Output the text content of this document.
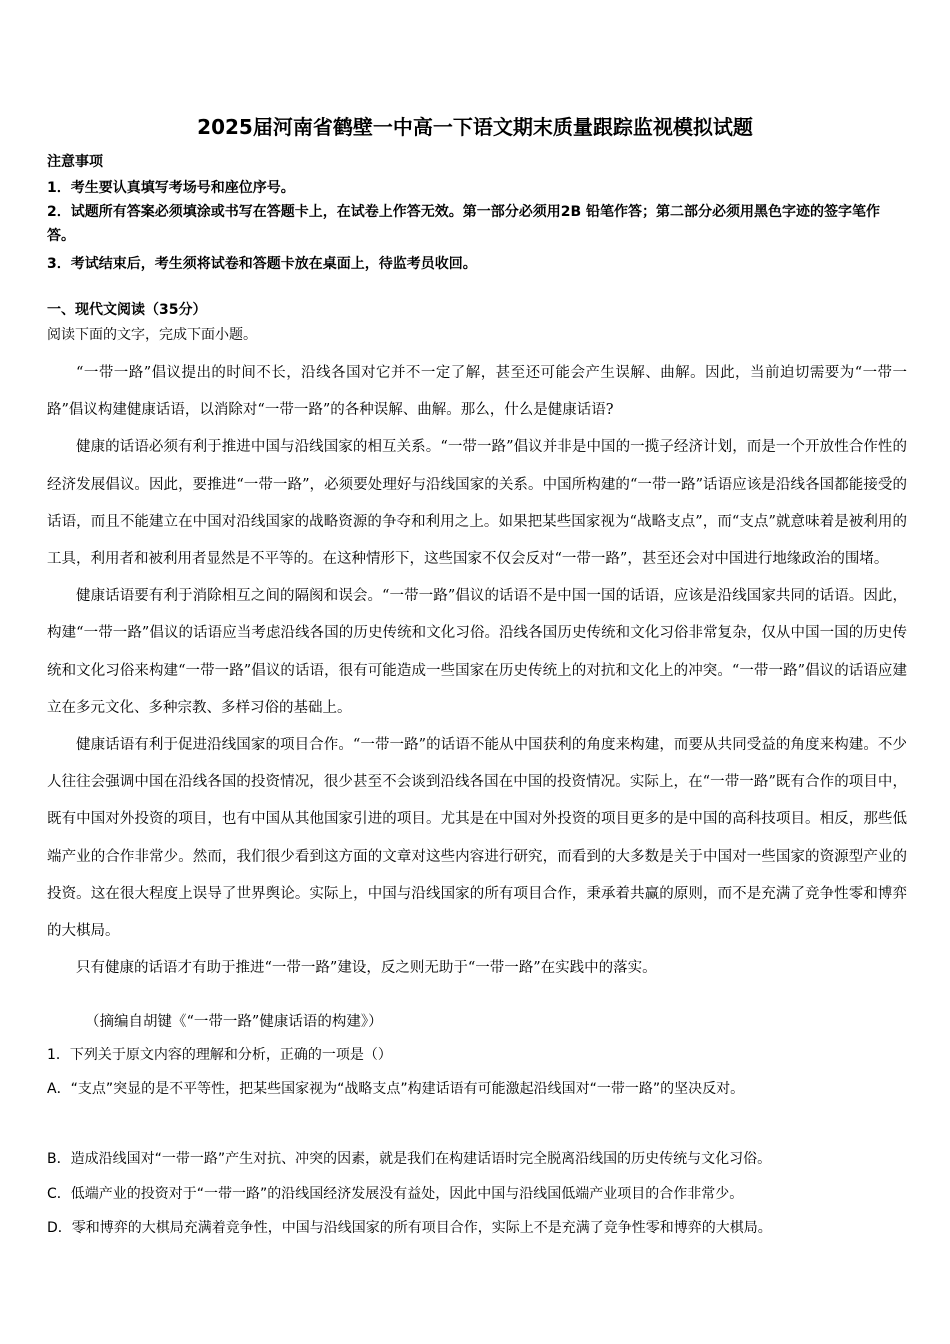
2025届河南省鹤壁一中高一下语文期末质量跟踪监视模拟试题
注意事项
1．考生要认真填写考场号和座位序号。
2．试题所有答案必须填涂或书写在答题卡上，在试卷上作答无效。第一部分必须用2B 铅笔作答；第二部分必须用黑色字迹的签字笔作答。
3．考试结束后，考生须将试卷和答题卡放在桌面上，待监考员收回。
一、现代文阅读（35分）
阅读下面的文字，完成下面小题。

“一带一路”倡议提出的时间不长，沿线各国对它并不一定了解，甚至还可能会产生误解、曲解。因此，当前迫切需要为“一带一路”倡议构建健康话语，以消除对“一带一路”的各种误解、曲解。那么，什么是健康话语?

健康的话语必须有利于推进中国与沿线国家的相互关系。“一带一路”倡议并非是中国的一揽子经济计划，而是一个开放性合作性的经济发展倡议。因此，要推进“一带一路”，必须要处理好与沿线国家的关系。中国所构建的“一带一路”话语应该是沿线各国都能接受的话语，而且不能建立在中国对沿线国家的战略资源的争夺和利用之上。如果把某些国家视为“战略支点”，而“支点”就意味着是被利用的工具，利用者和被利用者显然是不平等的。在这种情形下，这些国家不仅会反对“一带一路”，甚至还会对中国进行地缘政治的围堵。

健康话语要有利于消除相互之间的隔阂和误会。“一带一路”倡议的话语不是中国一国的话语，应该是沿线国家共同的话语。因此，构建“一带一路”倡议的话语应当考虑沿线各国的历史传统和文化习俗。沿线各国历史传统和文化习俗非常复杂，仅从中国一国的历史传统和文化习俗来构建“一带一路”倡议的话语，很有可能造成一些国家在历史传统上的对抗和文化上的冲突。“一带一路”倡议的话语应建立在多元文化、多种宗教、多样习俗的基础上。

健康话语有利于促进沿线国家的项目合作。“一带一路”的话语不能从中国获利的角度来构建，而要从共同受益的角度来构建。不少人往往会强调中国在沿线各国的投资情况，很少甚至不会谈到沿线各国在中国的投资情况。实际上，在“一带一路”既有合作的项目中，既有中国对外投资的项目，也有中国从其他国家引进的项目。尤其是在中国对外投资的项目更多的是中国的高科技项目。相反，那些低端产业的合作非常少。然而，我们很少看到这方面的文章对这些内容进行研究，而看到的大多数是关于中国对一些国家的资源型产业的投资。这在很大程度上误导了世界舆论。实际上，中国与沿线国家的所有项目合作，秉承着共赢的原则，而不是充满了竞争性零和博弈的大棋局。

只有健康的话语才有助于推进“一带一路”建设，反之则无助于“一带一路”在实践中的落实。

（摘编自胡键《“一带一路”健康话语的构建》）
1．下列关于原文内容的理解和分析，正确的一项是（）
A．“支点”突显的是不平等性，把某些国家视为“战略支点”构建话语有可能激起沿线国对“一带一路”的坚决反对。
B．造成沿线国对“一带一路”产生对抗、冲突的因素，就是我们在构建话语时完全脱离沿线国的历史传统与文化习俗。
C．低端产业的投资对于“一带一路”的沿线国经济发展没有益处，因此中国与沿线国低端产业项目的合作非常少。
D．零和博弈的大棋局充满着竞争性，中国与沿线国家的所有项目合作，实际上不是充满了竞争性零和博弈的大棋局。
